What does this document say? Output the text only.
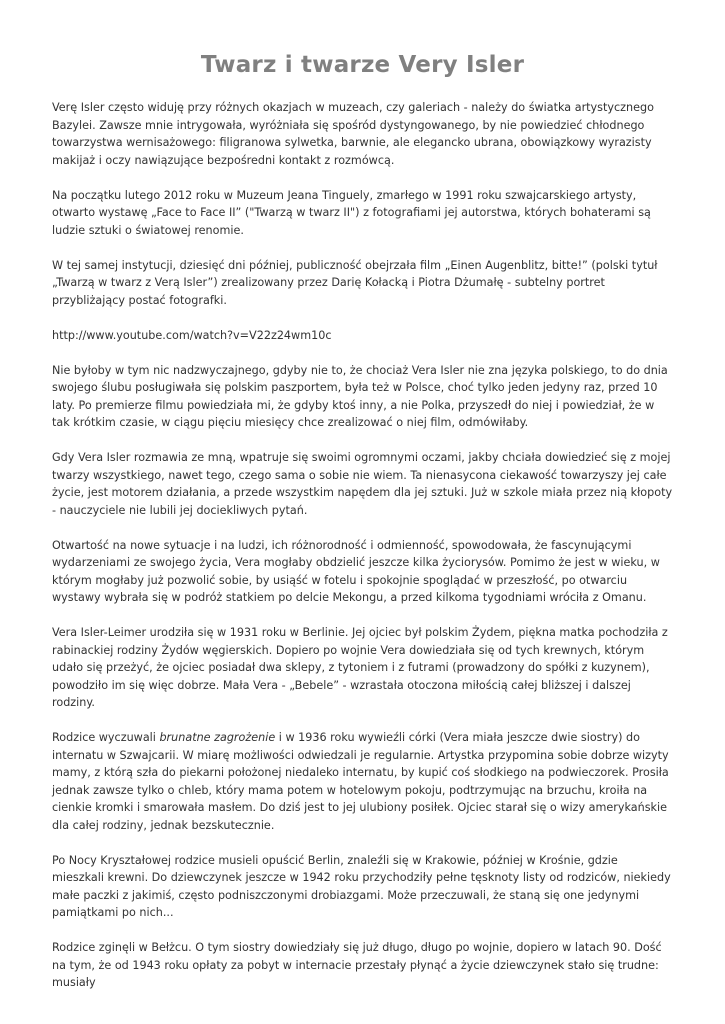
Twarz i twarze Very Isler

Verę Isler często widuję przy różnych okazjach w muzeach, czy galeriach - należy do światka artystycznego Bazylei. Zawsze mnie intrygowała, wyróżniała się spośród dystyngowanego, by nie powiedzieć chłodnego towarzystwa wernisażowego: filigranowa sylwetka, barwnie, ale elegancko ubrana, obowiązkowy wyrazisty makijaż i oczy nawiązujące bezpośredni kontakt z rozmówcą.

Na początku lutego 2012 roku w Muzeum Jeana Tinguely, zmarłego w 1991 roku szwajcarskiego artysty, otwarto wystawę „Face to Face II” ("Twarzą w twarz II") z fotografiami jej autorstwa, których bohaterami są ludzie sztuki o światowej renomie.

W tej samej instytucji, dziesięć dni później, publiczność obejrzała film „Einen Augenblitz, bitte!” (polski tytuł „Twarzą w twarz z Verą Isler”) zrealizowany przez Darię Kołacką i Piotra Dżumałę - subtelny portret przybliżający postać fotografki.

http://www.youtube.com/watch?v=V22z24wm10c

Nie byłoby w tym nic nadzwyczajnego, gdyby nie to, że chociaż Vera Isler nie zna języka polskiego, to do dnia swojego ślubu posługiwała się polskim paszportem, była też w Polsce, choć tylko jeden jedyny raz, przed 10 laty. Po premierze filmu powiedziała mi, że gdyby ktoś inny, a nie Polka, przyszedł do niej i powiedział, że w tak krótkim czasie, w ciągu pięciu miesięcy chce zrealizować o niej film, odmówiłaby.

Gdy Vera Isler rozmawia ze mną, wpatruje się swoimi ogromnymi oczami, jakby chciała dowiedzieć się z mojej twarzy wszystkiego, nawet tego, czego sama o sobie nie wiem. Ta nienasycona ciekawość towarzyszy jej całe życie, jest motorem działania, a przede wszystkim napędem dla jej sztuki. Już w szkole miała przez nią kłopoty - nauczyciele nie lubili jej dociekliwych pytań.

Otwartość na nowe sytuacje i na ludzi, ich różnorodność i odmienność, spowodowała, że fascynującymi wydarzeniami ze swojego życia, Vera mogłaby obdzielić jeszcze kilka życiorysów. Pomimo że jest w wieku, w którym mogłaby już pozwolić sobie, by usiąść w fotelu i spokojnie spoglądać w przeszłość, po otwarciu wystawy wybrała się w podróż statkiem po delcie Mekongu, a przed kilkoma tygodniami wróciła z Omanu.

Vera Isler-Leimer urodziła się w 1931 roku w Berlinie. Jej ojciec był polskim Żydem, piękna matka pochodziła z rabinackiej rodziny Żydów węgierskich. Dopiero po wojnie Vera dowiedziała się od tych krewnych, którym udało się przeżyć, że ojciec posiadał dwa sklepy, z tytoniem i z futrami (prowadzony do spółki z kuzynem), powodziło im się więc dobrze. Mała Vera - „Bebele” - wzrastała otoczona miłością całej bliższej i dalszej rodziny.

Rodzice wyczuwali brunatne zagrożenie i w 1936 roku wywieźli córki (Vera miała jeszcze dwie siostry) do internatu w Szwajcarii. W miarę możliwości odwiedzali je regularnie. Artystka przypomina sobie dobrze wizyty mamy, z którą szła do piekarni położonej niedaleko internatu, by kupić coś słodkiego na podwieczorek. Prosiła jednak zawsze tylko o chleb, który mama potem w hotelowym pokoju, podtrzymując na brzuchu, kroiła na cienkie kromki i smarowała masłem. Do dziś jest to jej ulubiony posiłek. Ojciec starał się o wizy amerykańskie dla całej rodziny, jednak bezskutecznie.

Po Nocy Kryształowej rodzice musieli opuścić Berlin, znaleźli się w Krakowie, później w Krośnie, gdzie mieszkali krewni. Do dziewczynek jeszcze w 1942 roku przychodziły pełne tęsknoty listy od rodziców, niekiedy małe paczki z jakimiś, często podniszczonymi drobiazgami. Może przeczuwali, że staną się one jedynymi pamiątkami po nich...

Rodzice zginęli w Bełżcu. O tym siostry dowiedziały się już długo, długo po wojnie, dopiero w latach 90. Dość na tym, że od 1943 roku opłaty za pobyt w internacie przestały płynąć a życie dziewczynek stało się trudne: musiały
